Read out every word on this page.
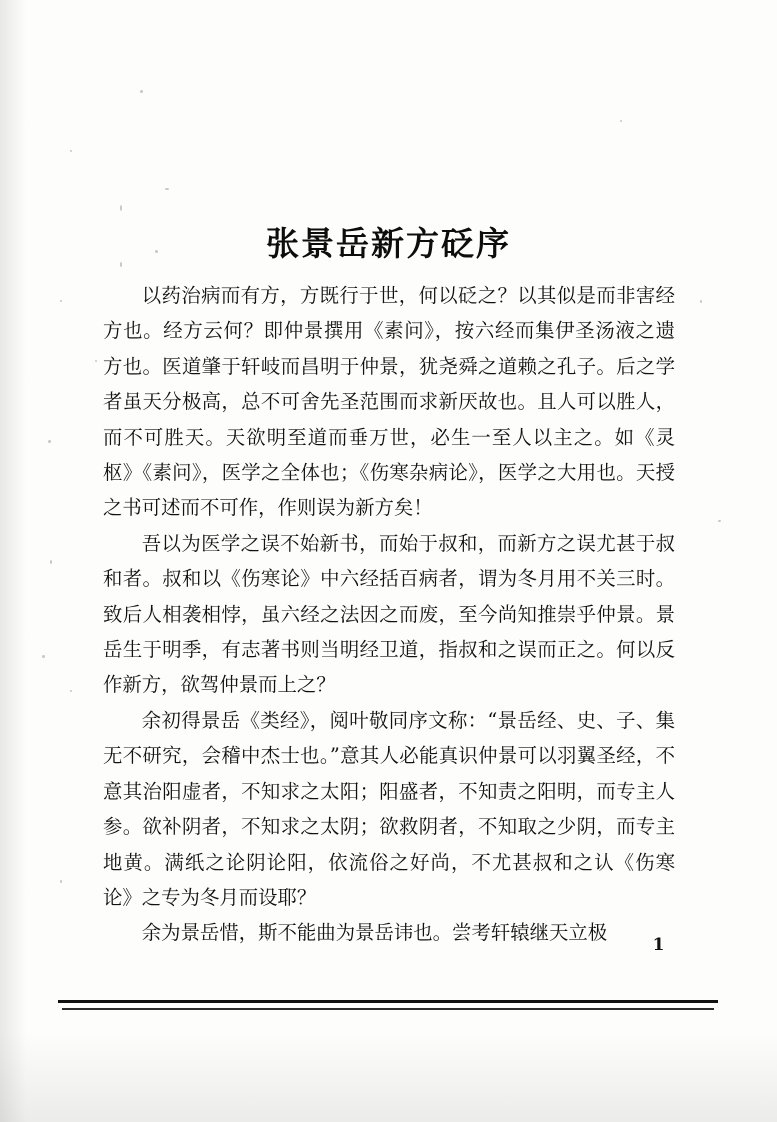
张景岳新方砭序

以药治病而有方，方既行于世，何以砭之？以其似是而非害经方也。经方云何？即仲景撰用《素问》，按六经而集伊圣汤液之遗方也。医道肇于轩岐而昌明于仲景，犹尧舜之道赖之孔子。后之学者虽天分极高，总不可舍先圣范围而求新厌故也。且人可以胜人，而不可胜天。天欲明至道而垂万世，必生一至人以主之。如《灵枢》《素问》，医学之全体也；《伤寒杂病论》，医学之大用也。天授之书可述而不可作，作则误为新方矣！

吾以为医学之误不始新书，而始于叔和，而新方之误尤甚于叔和者。叔和以《伤寒论》中六经括百病者，谓为冬月用不关三时。致后人相袭相悖，虽六经之法因之而废，至今尚知推崇乎仲景。景岳生于明季，有志著书则当明经卫道，指叔和之误而正之。何以反作新方，欲驾仲景而上之？

余初得景岳《类经》，阅叶敬同序文称：“景岳经、史、子、集无不研究，会稽中杰士也。”意其人必能真识仲景可以羽翼圣经，不意其治阳虚者，不知求之太阳；阳盛者，不知责之阳明，而专主人参。欲补阴者，不知求之太阴；欲救阴者，不知取之少阴，而专主地黄。满纸之论阴论阳，依流俗之好尚，不尤甚叔和之认《伤寒论》之专为冬月而设耶？

余为景岳惜，斯不能曲为景岳讳也。尝考轩辕继天立极

1
